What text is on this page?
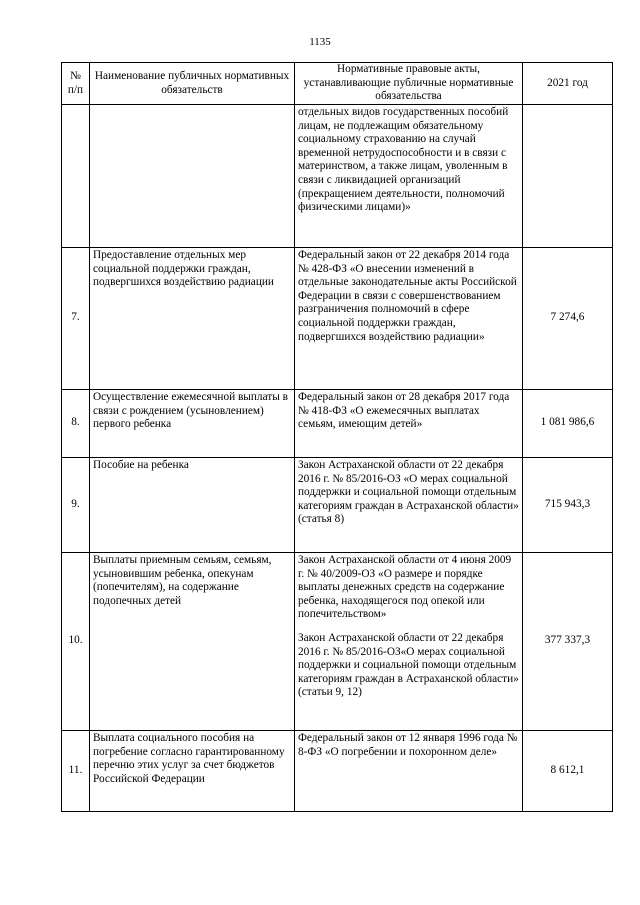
1135
№
п/п	Наименование публичных нормативных обязательств	Нормативные правовые акты, устанавливающие публичные нормативные обязательства	2021 год

		отдельных видов государственных пособий лицам, не подлежащим обязательному социальному страхованию на случай временной нетрудоспособности и в связи с материнством, а также лицам, уволенным в связи с ликвидацией организаций (прекращением деятельности, полномочий физическими лицами)»	

7.	Предоставление отдельных мер социальной поддержки граждан, подвергшихся воздействию радиации	Федеральный закон от 22 декабря 2014 года № 428-ФЗ «О внесении изменений в отдельные законодательные акты Российской Федерации в связи с совершенствованием разграничения полномочий в сфере социальной поддержки граждан, подвергшихся воздействию радиации»	7 274,6
8.	Осуществление ежемесячной выплаты в связи с рождением (усыновлением) первого ребенка	Федеральный закон от 28 декабря 2017 года № 418-ФЗ «О ежемесячных выплатах семьям, имеющим детей»	1 081 986,6
9.	Пособие на ребенка	Закон Астраханской области от 22 декабря 2016 г. № 85/2016-ОЗ «О мерах социальной поддержки и социальной помощи отдельным категориям граждан в Астраханской области» (статья 8)	715 943,3
10.	Выплаты приемным семьям, семьям, усыновившим ребенка, опекунам (попечителям), на содержание подопечных детей	Закон Астраханской области от 4 июня 2009 г. № 40/2009-ОЗ «О размере и порядке выплаты денежных средств на содержание ребенка, находящегося под опекой или попечительством»
Закон Астраханской области от 22 декабря 2016 г. № 85/2016-ОЗ«О мерах социальной поддержки и социальной помощи отдельным категориям граждан в Астраханской области» (статьи 9, 12)	377 337,3
11.	Выплата социального пособия на погребение согласно гарантированному перечню этих услуг за счет бюджетов Российской Федерации	Федеральный закон от 12 января 1996 года № 8-ФЗ «О погребении и похоронном деле»	8 612,1
